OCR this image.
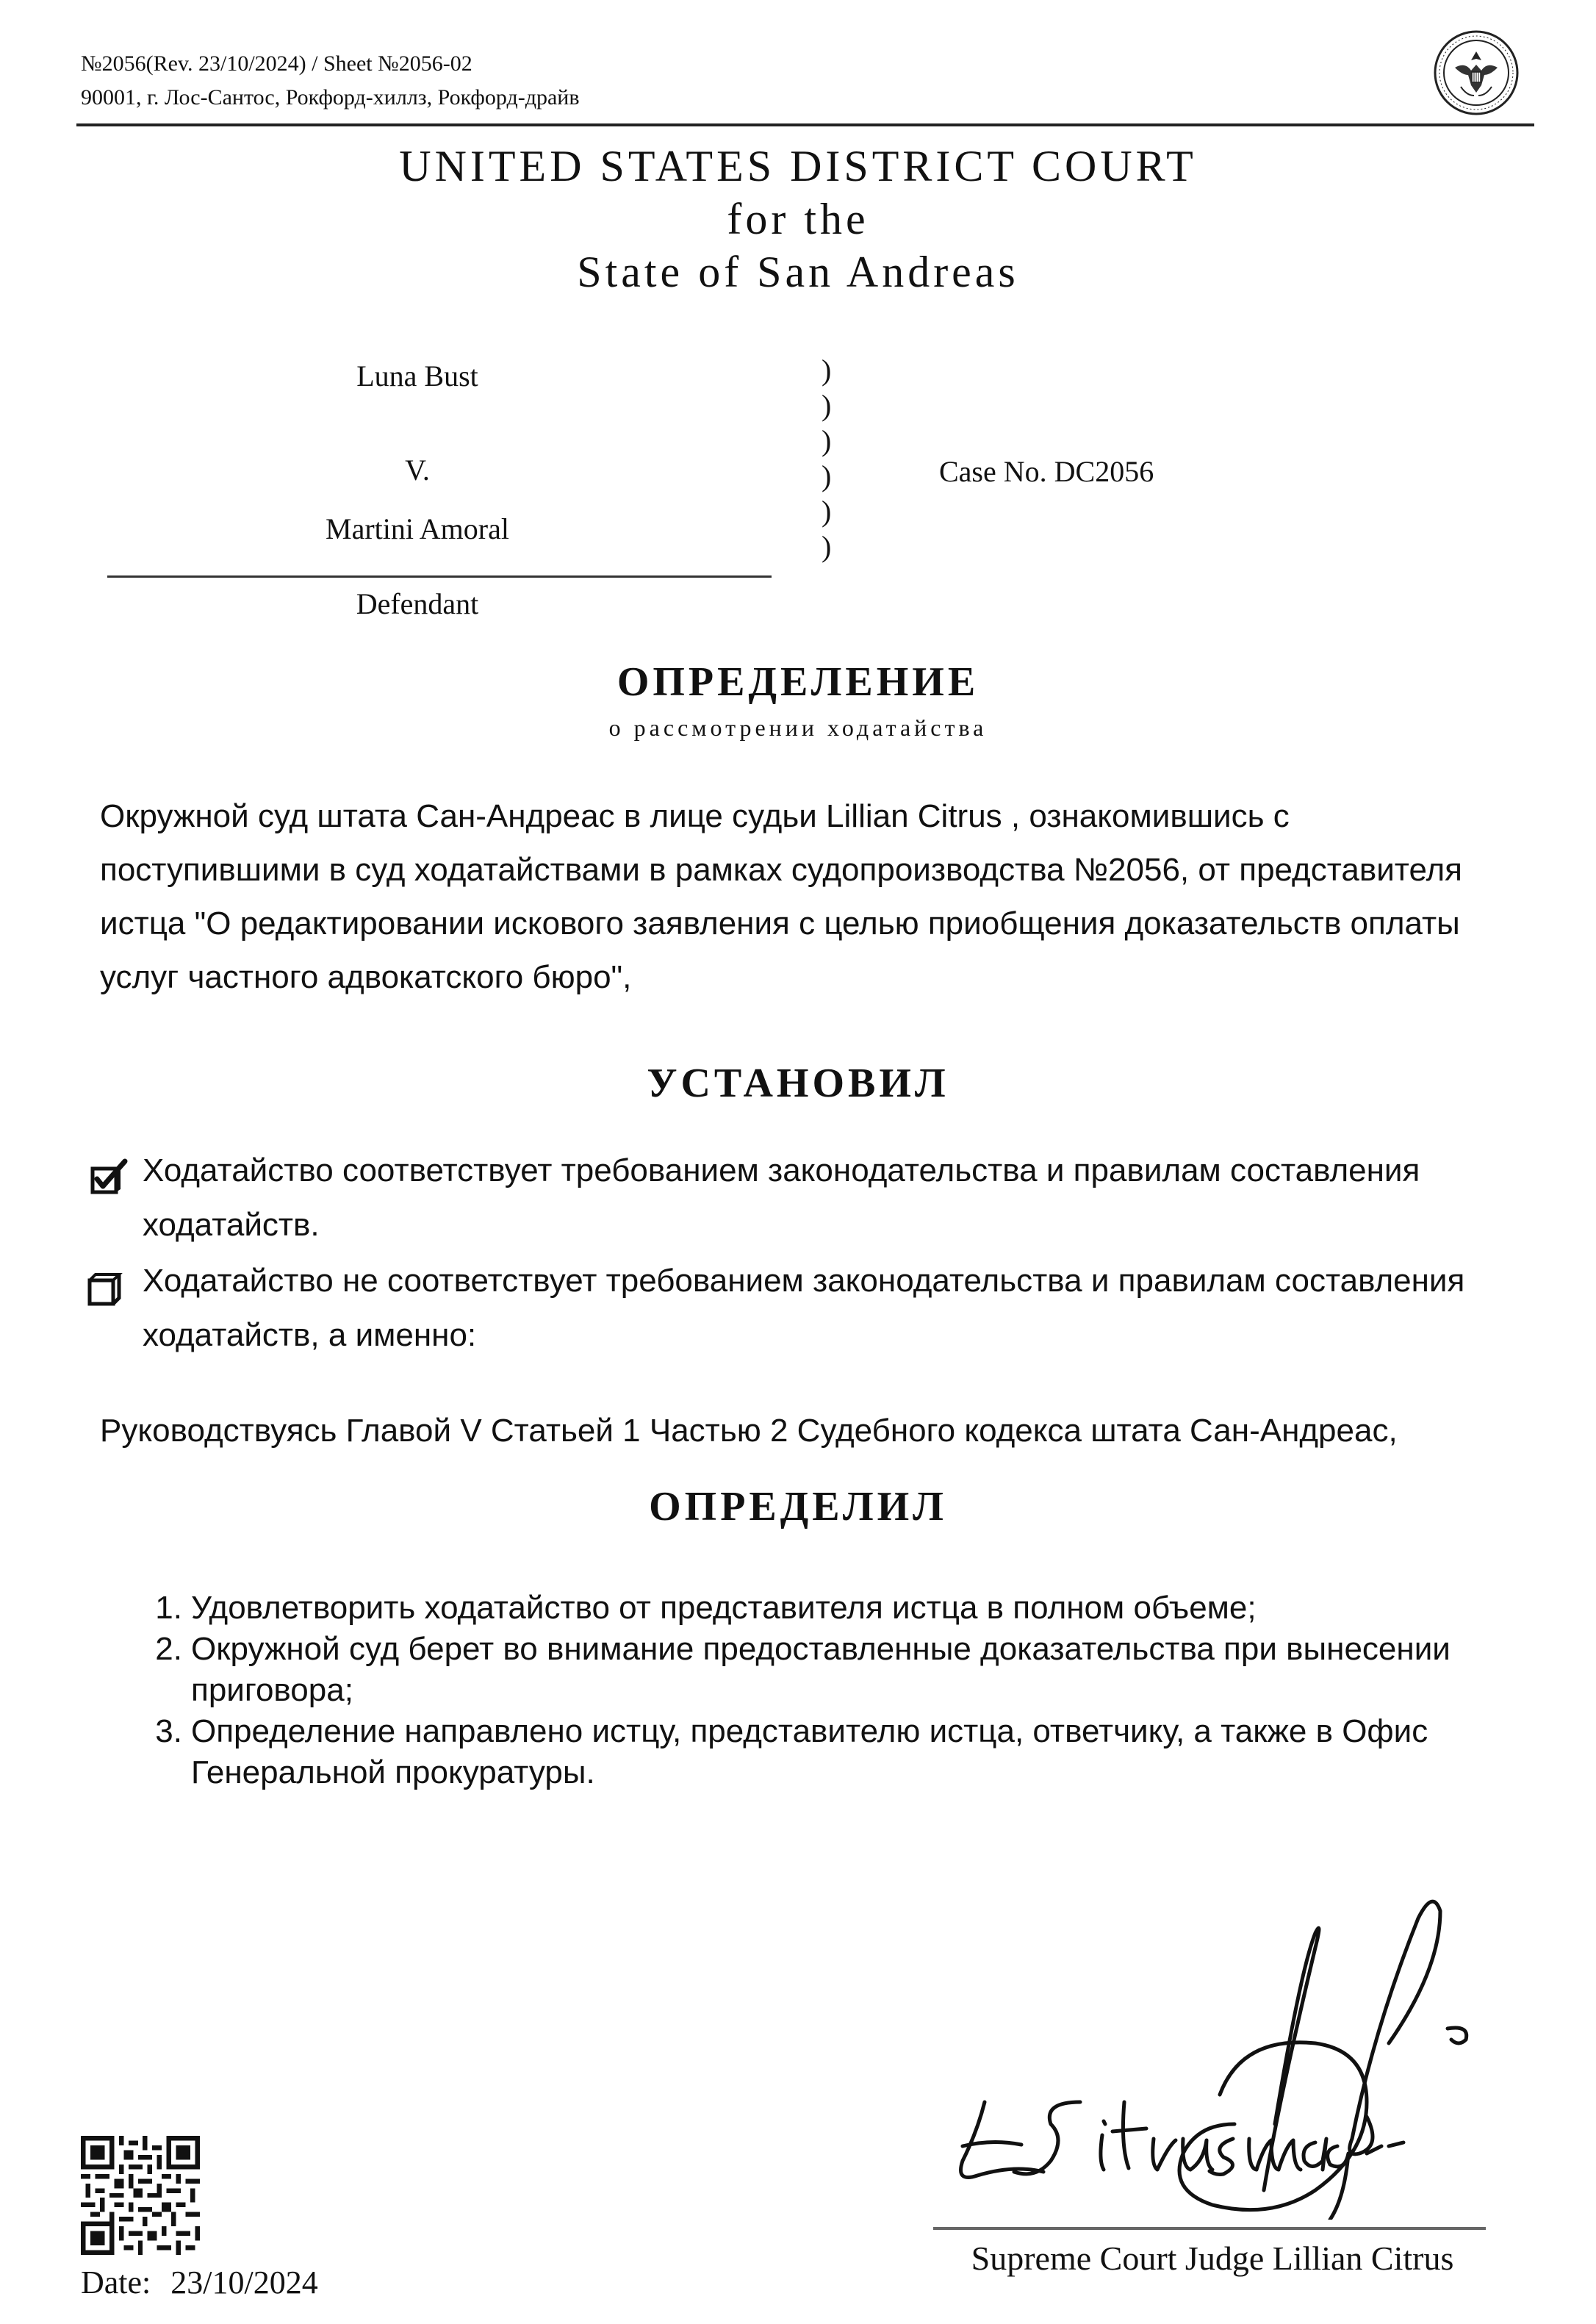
№2056(Rev. 23/10/2024) / Sheet №2056-02
90001, г. Лос-Сантос, Рокфорд-хиллз, Рокфорд-драйв
UNITED STATES DISTRICT COURT
for the
State of San Andreas
Luna Bust
V.
Martini Amoral
Defendant
)
)
)
)
)
)
Case No. DC2056
ОПРЕДЕЛЕНИЕ
о рассмотрении ходатайства
Окружной суд штата Сан-Андреас в лице судьи Lillian Citrus , ознакомившись с
поступившими в суд ходатайствами в рамках судопроизводства №2056, от представителя
истца "О редактировании искового заявления с целью приобщения доказательств оплаты
услуг частного адвокатского бюро",
УСТАНОВИЛ
Ходатайство соответствует требованием законодательства и правилам составления
ходатайств.
Ходатайство не соответствует требованием законодательства и правилам составления
ходатайств, а именно:
Руководствуясь Главой V Статьей 1 Частью 2 Судебного кодекса штата Сан-Андреас,
ОПРЕДЕЛИЛ
1. Удовлетворить ходатайство от представителя истца в полном объеме;
2. Окружной суд берет во внимание предоставленные доказательства при вынесении
приговора;
3. Определение направлено истцу, представителю истца, ответчику, а также в Офис
Генеральной прокуратуры.
Supreme Court Judge Lillian Citrus
Date: 23/10/2024
